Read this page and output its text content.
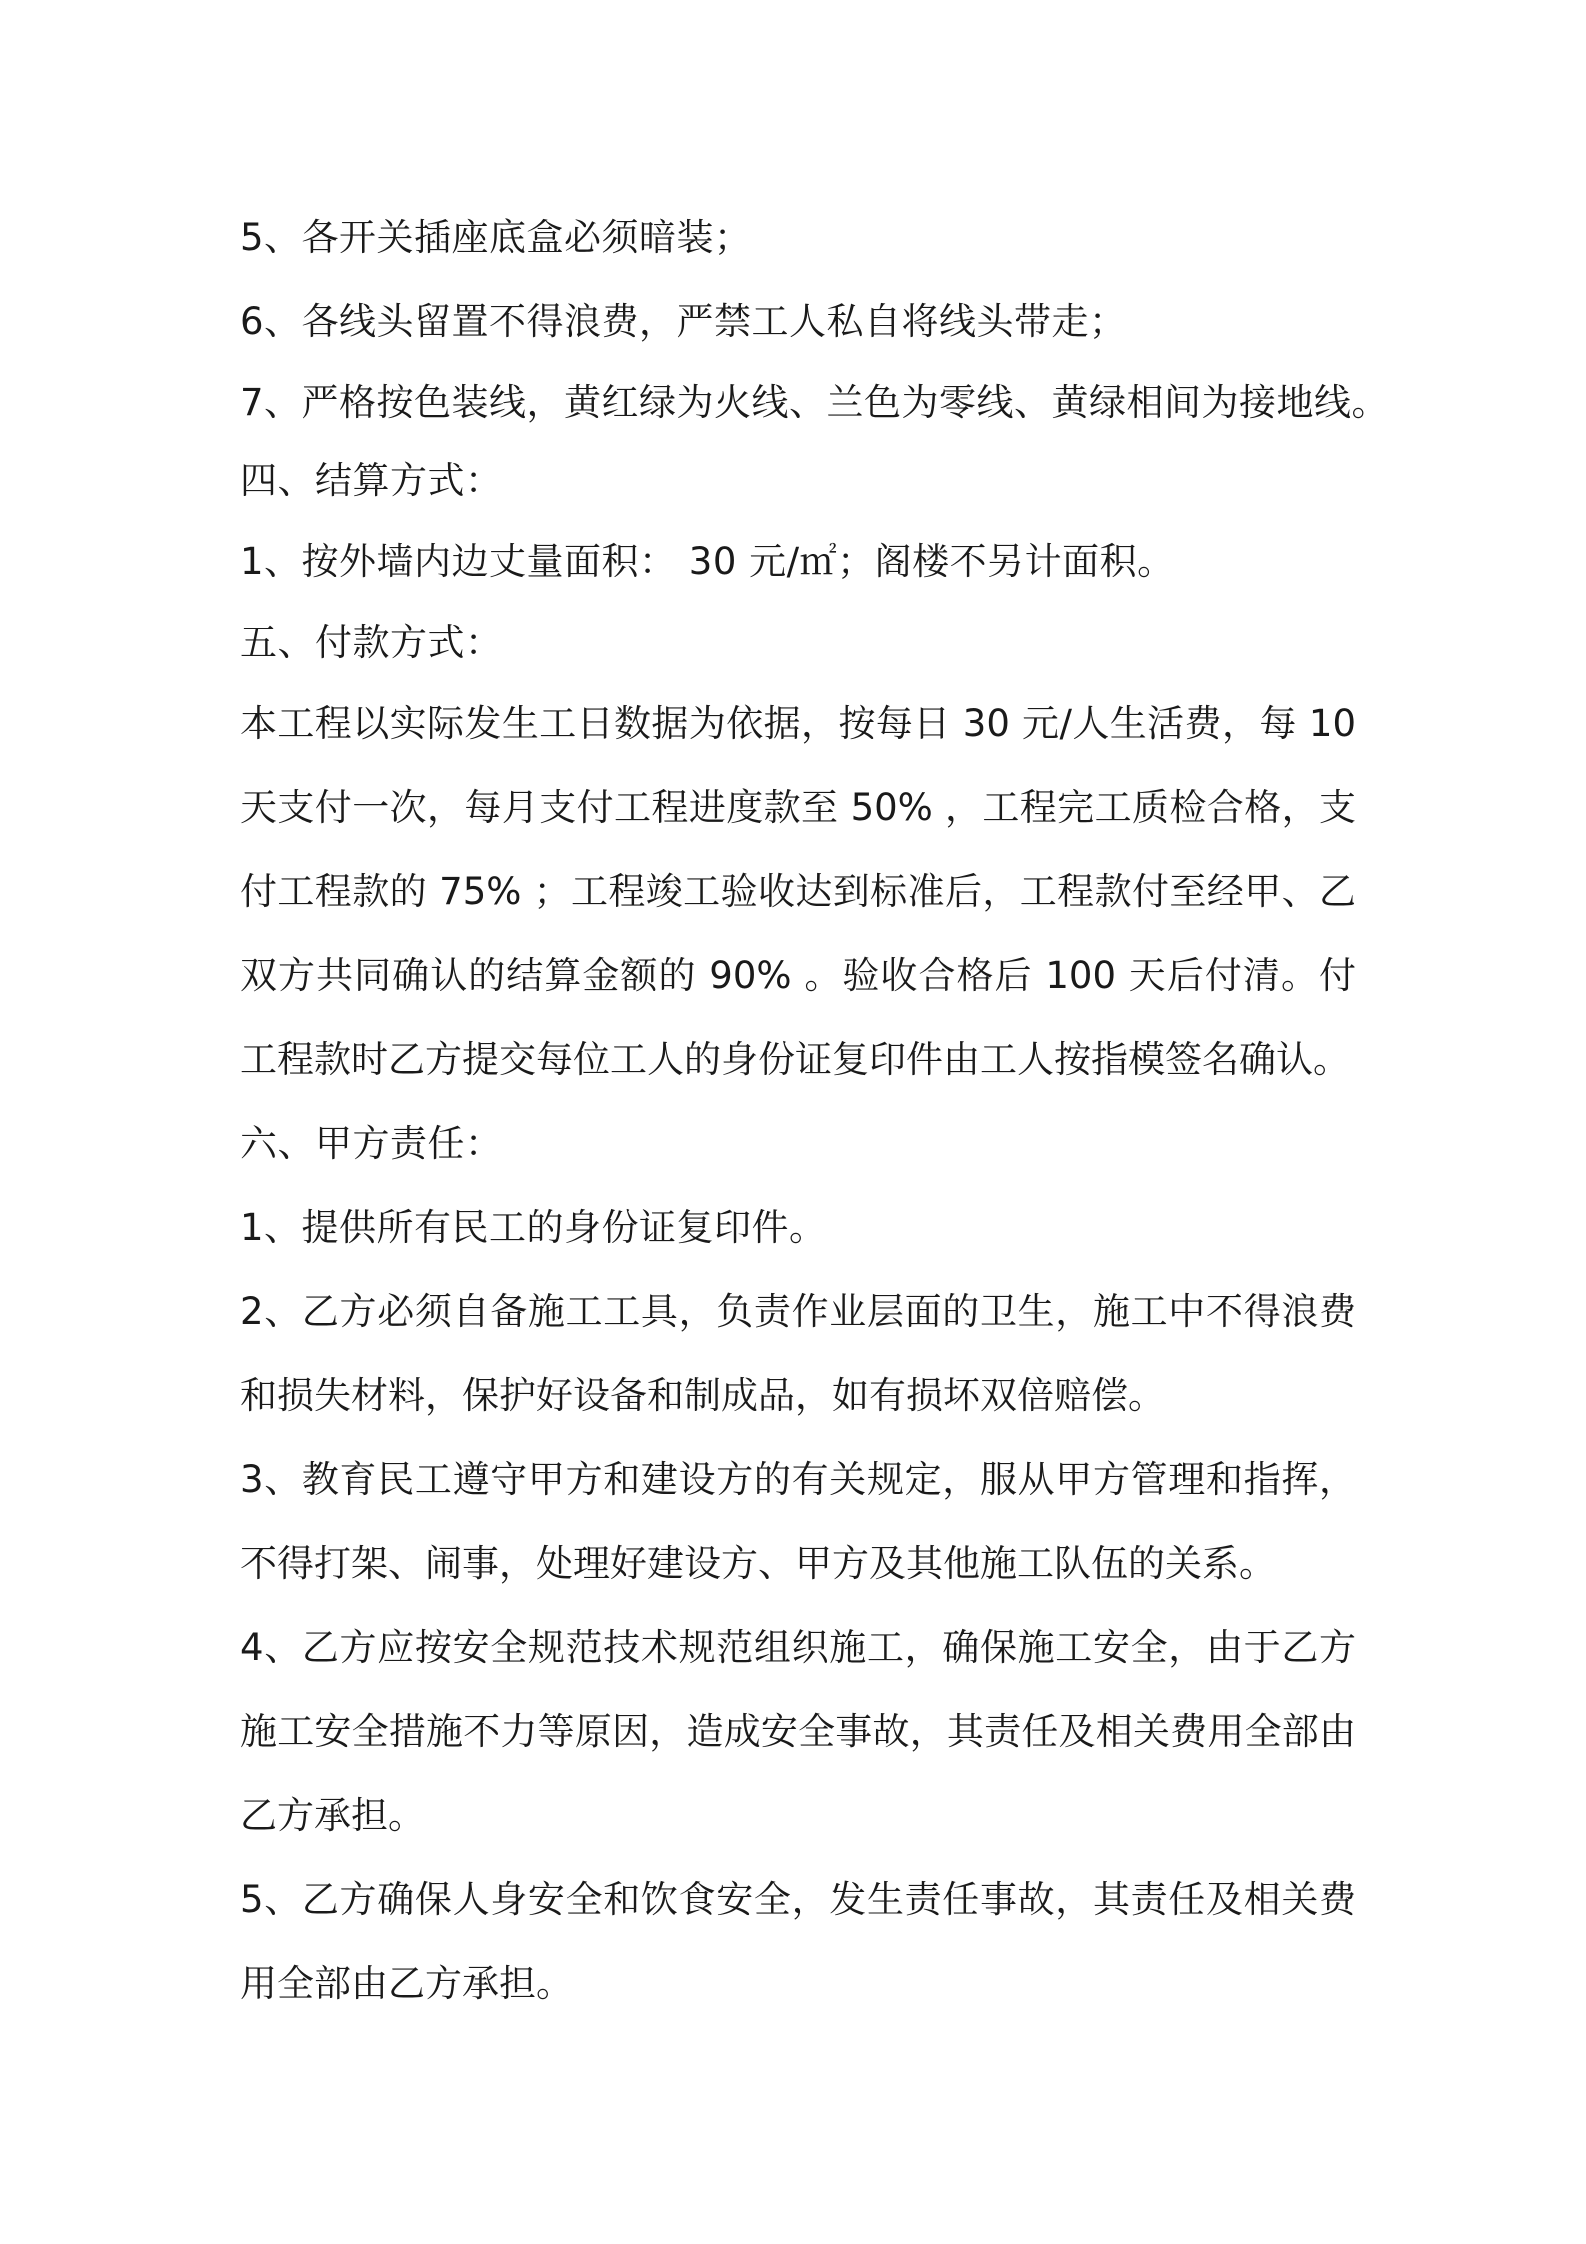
5、各开关插座底盒必须暗装；
6、各线头留置不得浪费，严禁工人私自将线头带走；
7、严格按色装线，黄红绿为火线、兰色为零线、黄绿相间为接地线。
四、结算方式：
1、按外墙内边丈量面积： 30 元/㎡；阁楼不另计面积。
五、付款方式：
本工程以实际发生工日数据为依据，按每日 30 元/人生活费，每 10 天支付一次，每月支付工程进度款至 50% ，工程完工质检合格，支付工程款的 75% ；工程竣工验收达到标准后，工程款付至经甲、乙双方共同确认的结算金额的 90% 。验收合格后 100 天后付清。付工程款时乙方提交每位工人的身份证复印件由工人按指模签名确认。
六、甲方责任：
1、提供所有民工的身份证复印件。
2、乙方必须自备施工工具，负责作业层面的卫生，施工中不得浪费和损失材料，保护好设备和制成品，如有损坏双倍赔偿。
3、教育民工遵守甲方和建设方的有关规定，服从甲方管理和指挥，不得打架、闹事，处理好建设方、甲方及其他施工队伍的关系。
4、乙方应按安全规范技术规范组织施工，确保施工安全，由于乙方施工安全措施不力等原因，造成安全事故，其责任及相关费用全部由乙方承担。
5、乙方确保人身安全和饮食安全，发生责任事故，其责任及相关费用全部由乙方承担。
